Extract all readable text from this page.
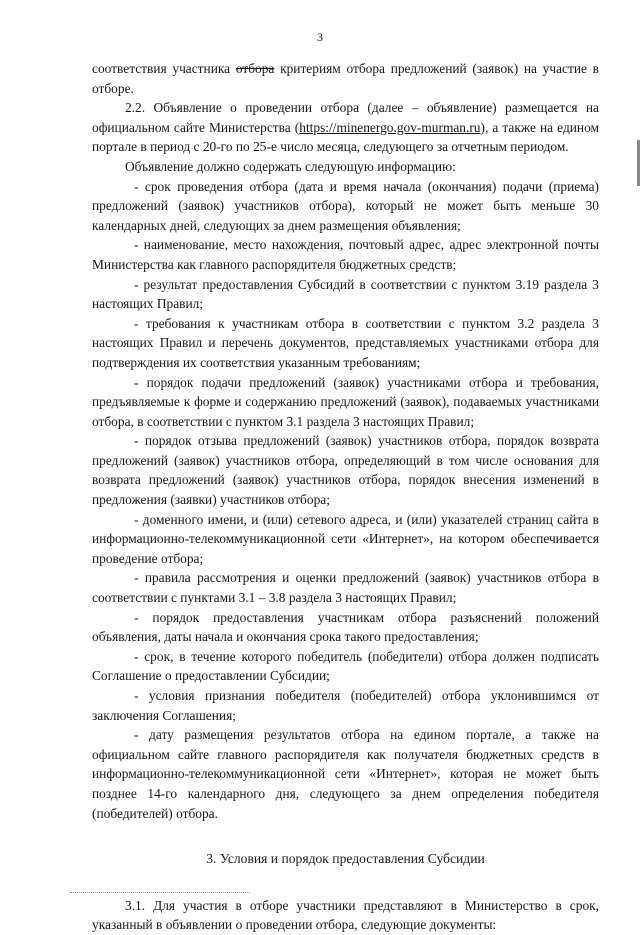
3

соответствия участника отбора критериям отбора предложений (заявок) на участие в отборе.

2.2. Объявление о проведении отбора (далее – объявление) размещается на официальном сайте Министерства (https://minenergo.gov-murman.ru), а также на едином портале в период с 20-го по 25-е число месяца, следующего за отчетным периодом.

Объявление должно содержать следующую информацию:

- срок проведения отбора (дата и время начала (окончания) подачи (приема) предложений (заявок) участников отбора), который не может быть меньше 30 календарных дней, следующих за днем размещения объявления;

- наименование, место нахождения, почтовый адрес, адрес электронной почты Министерства как главного распорядителя бюджетных средств;

- результат предоставления Субсидий в соответствии с пунктом 3.19 раздела 3 настоящих Правил;

- требования к участникам отбора в соответствии с пунктом 3.2 раздела 3 настоящих Правил и перечень документов, представляемых участниками отбора для подтверждения их соответствия указанным требованиям;

- порядок подачи предложений (заявок) участниками отбора и требования, предъявляемые к форме и содержанию предложений (заявок), подаваемых участниками отбора, в соответствии с пунктом 3.1 раздела 3 настоящих Правил;

- порядок отзыва предложений (заявок) участников отбора, порядок возврата предложений (заявок) участников отбора, определяющий в том числе основания для возврата предложений (заявок) участников отбора, порядок внесения изменений в предложения (заявки) участников отбора;

- доменного имени, и (или) сетевого адреса, и (или) указателей страниц сайта в информационно-телекоммуникационной сети «Интернет», на котором обеспечивается проведение отбора;

- правила рассмотрения и оценки предложений (заявок) участников отбора в соответствии с пунктами 3.1 – 3.8 раздела 3 настоящих Правил;

- порядок предоставления участникам отбора разъяснений положений объявления, даты начала и окончания срока такого предоставления;

- срок, в течение которого победитель (победители) отбора должен подписать Соглашение о предоставлении Субсидии;

- условия признания победителя (победителей) отбора уклонившимся от заключения Соглашения;

- дату размещения результатов отбора на едином портале, а также на официальном сайте главного распорядителя как получателя бюджетных средств в информационно-телекоммуникационной сети «Интернет», которая не может быть позднее 14-го календарного дня, следующего за днем определения победителя (победителей) отбора.

3. Условия и порядок предоставления Субсидии

3.1. Для участия в отборе участники представляют в Министерство в срок, указанный в объявлении о проведении отбора, следующие документы:
